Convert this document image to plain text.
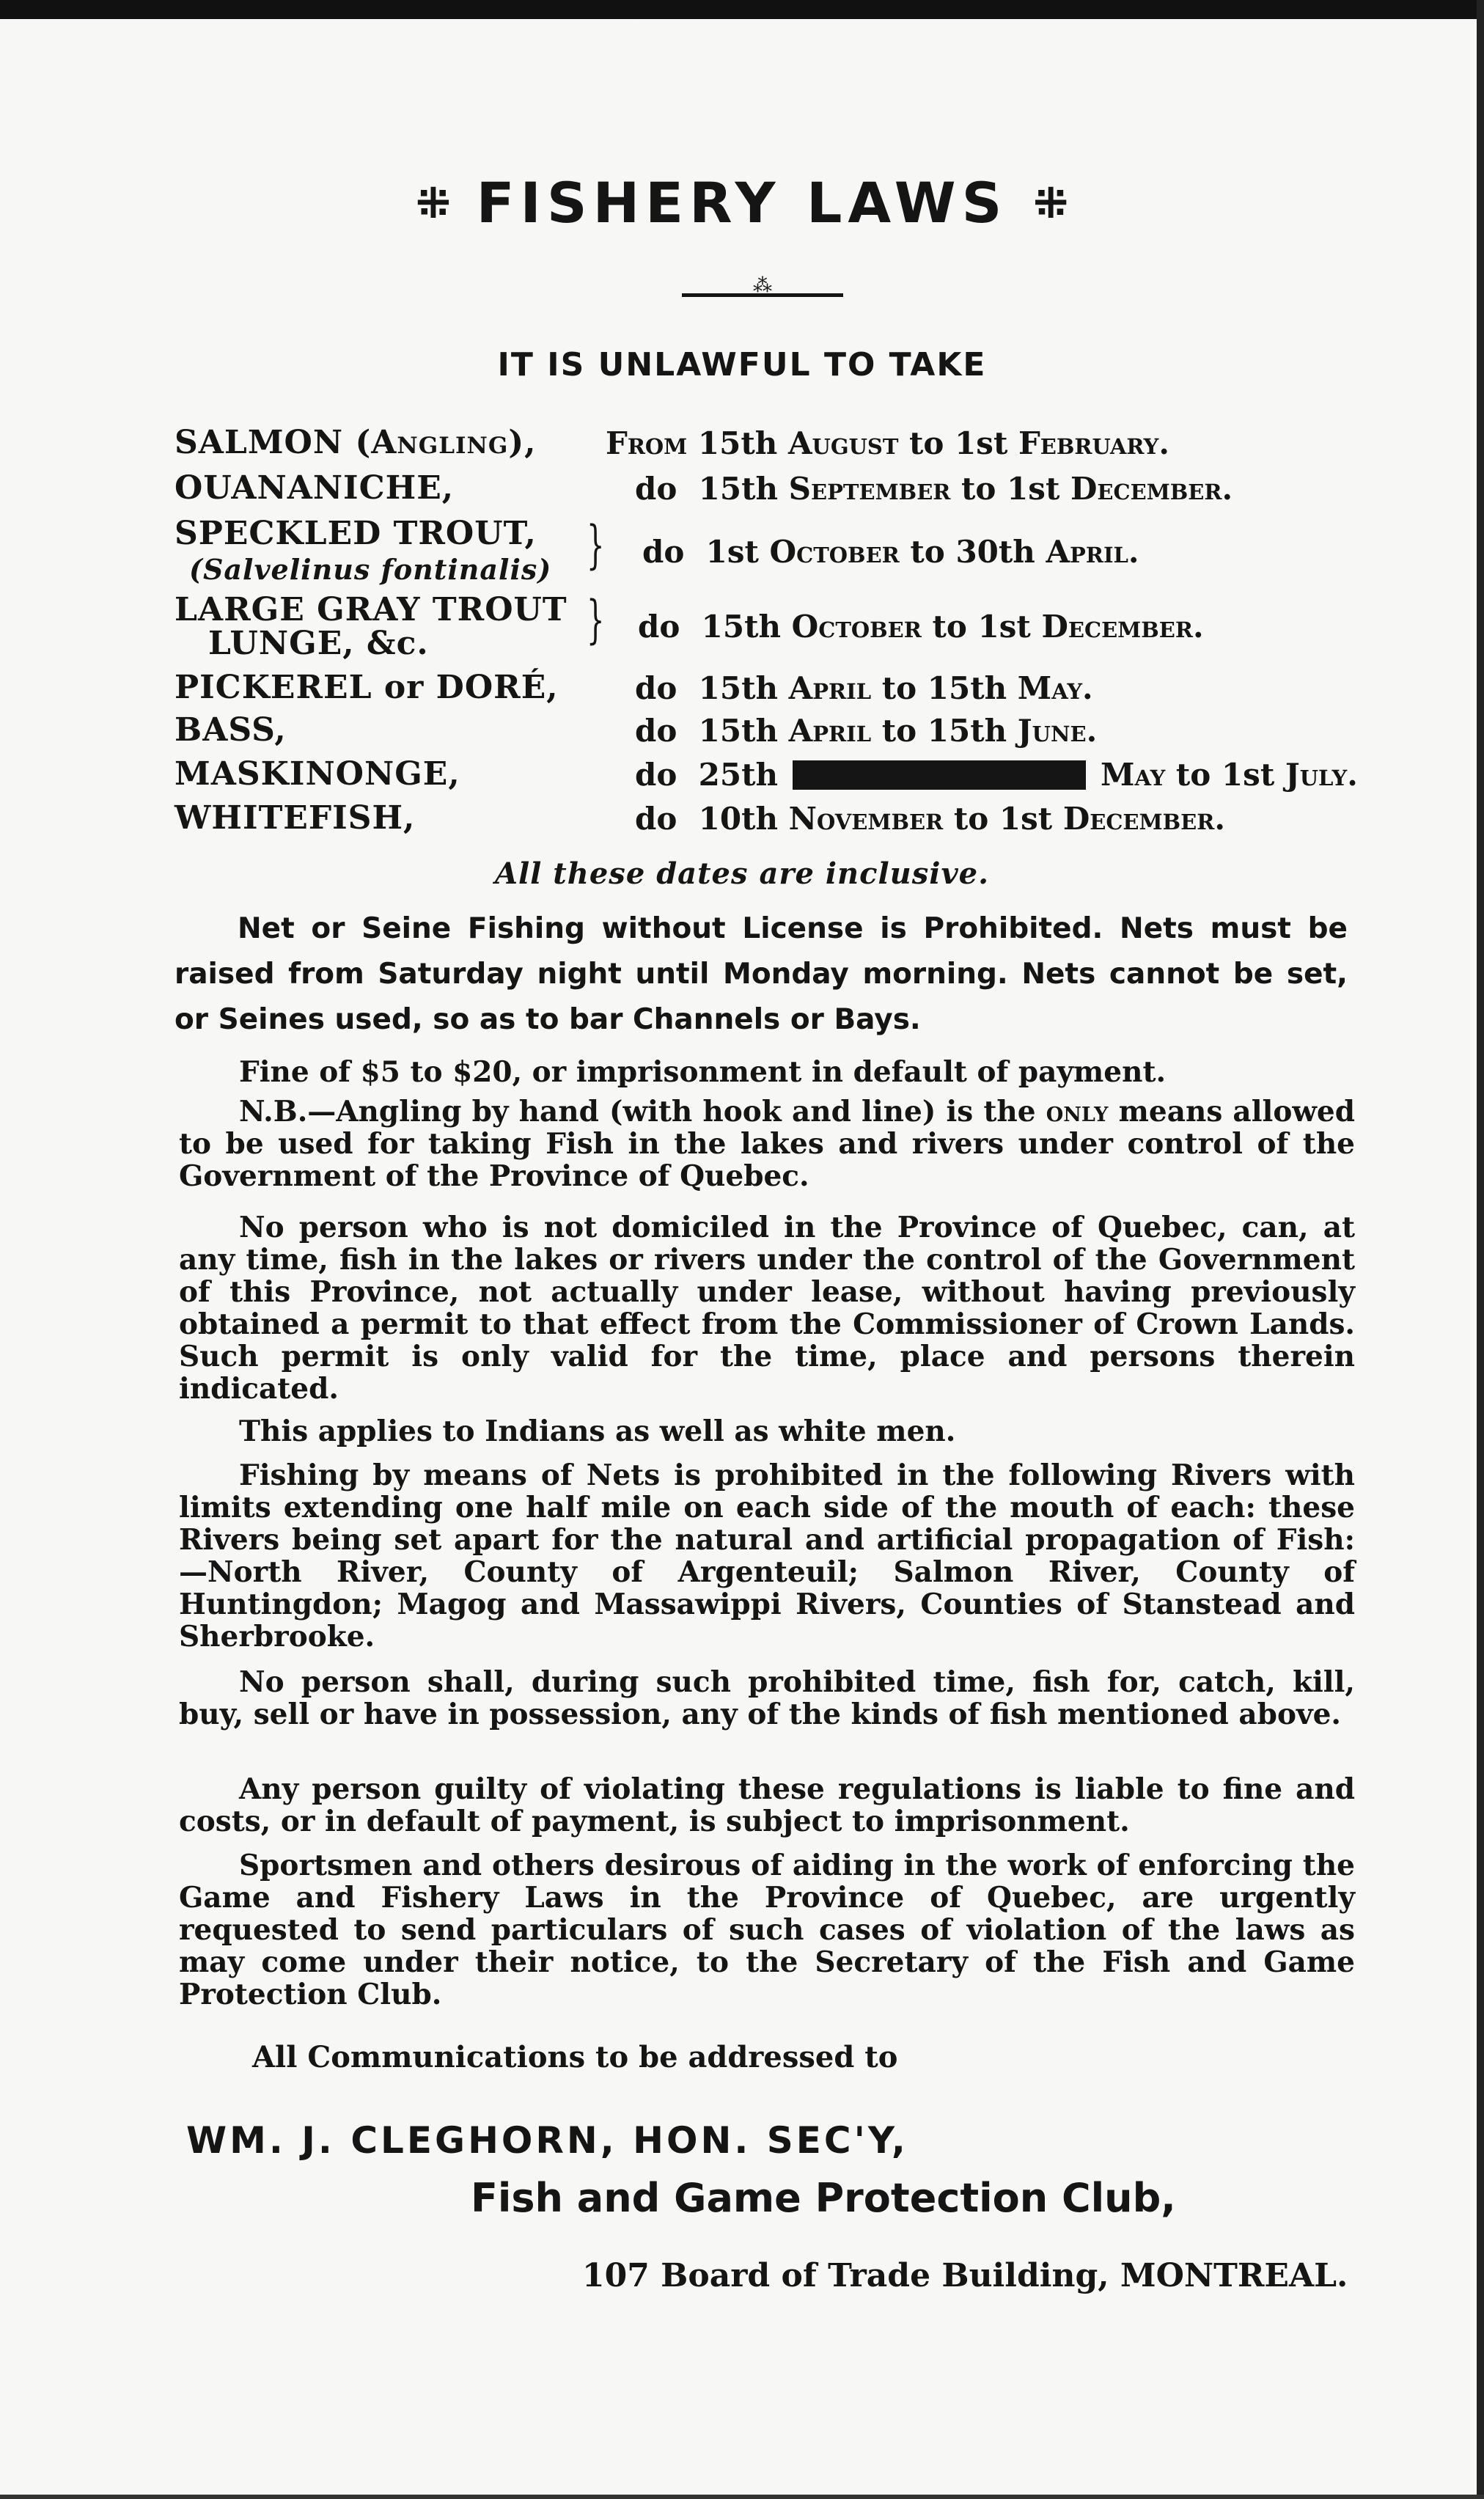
⁜ FISHERY LAWS ⁜
⁂
IT IS UNLAWFUL TO TAKE
SALMON (Angling), From 15th August to 1st February.
OUANANICHE,	do 15th September to 1st December.
SPECKLED TROUT,
(Salvelinus fontinalis) } do 1st October to 30th April.
LARGE GRAY TROUT
LUNGE, &c.	} do 15th October to 1st December.
PICKEREL or DORÉ, do 15th April to 15th May.
BASS,	do 15th April to 15th June.
MASKINONGE,	do 25th	May to 1st July.
WHITEFISH,	do 10th November to 1st December.
All these dates are inclusive.
Net or Seine Fishing without License is Prohibited. Nets must be raised from Saturday night until Monday morning. Nets cannot be set, or Seines used, so as to bar Channels or Bays.
Fine of $5 to $20, or imprisonment in default of payment.
N.B.—Angling by hand (with hook and line) is the only means allowed to be used for taking Fish in the lakes and rivers under control of the Government of the Province of Quebec.
No person who is not domiciled in the Province of Quebec, can, at any time, fish in the lakes or rivers under the control of the Government of this Province, not actually under lease, without having previously obtained a permit to that effect from the Commissioner of Crown Lands. Such permit is only valid for the time, place and persons therein indicated.
This applies to Indians as well as white men.
Fishing by means of Nets is prohibited in the following Rivers with limits extending one half mile on each side of the mouth of each: these Rivers being set apart for the natural and artificial propagation of Fish:—North River, County of Argenteuil; Salmon River, County of Huntingdon; Magog and Massawippi Rivers, Counties of Stanstead and Sherbrooke.
No person shall, during such prohibited time, fish for, catch, kill, buy, sell or have in possession, any of the kinds of fish mentioned above.
Any person guilty of violating these regulations is liable to fine and costs, or in default of payment, is subject to imprisonment.
Sportsmen and others desirous of aiding in the work of enforcing the Game and Fishery Laws in the Province of Quebec, are urgently requested to send particulars of such cases of violation of the laws as may come under their notice, to the Secretary of the Fish and Game Protection Club.
All Communications to be addressed to
WM. J. CLEGHORN, HON. SEC'Y,
Fish and Game Protection Club,
107 Board of Trade Building, MONTREAL.
